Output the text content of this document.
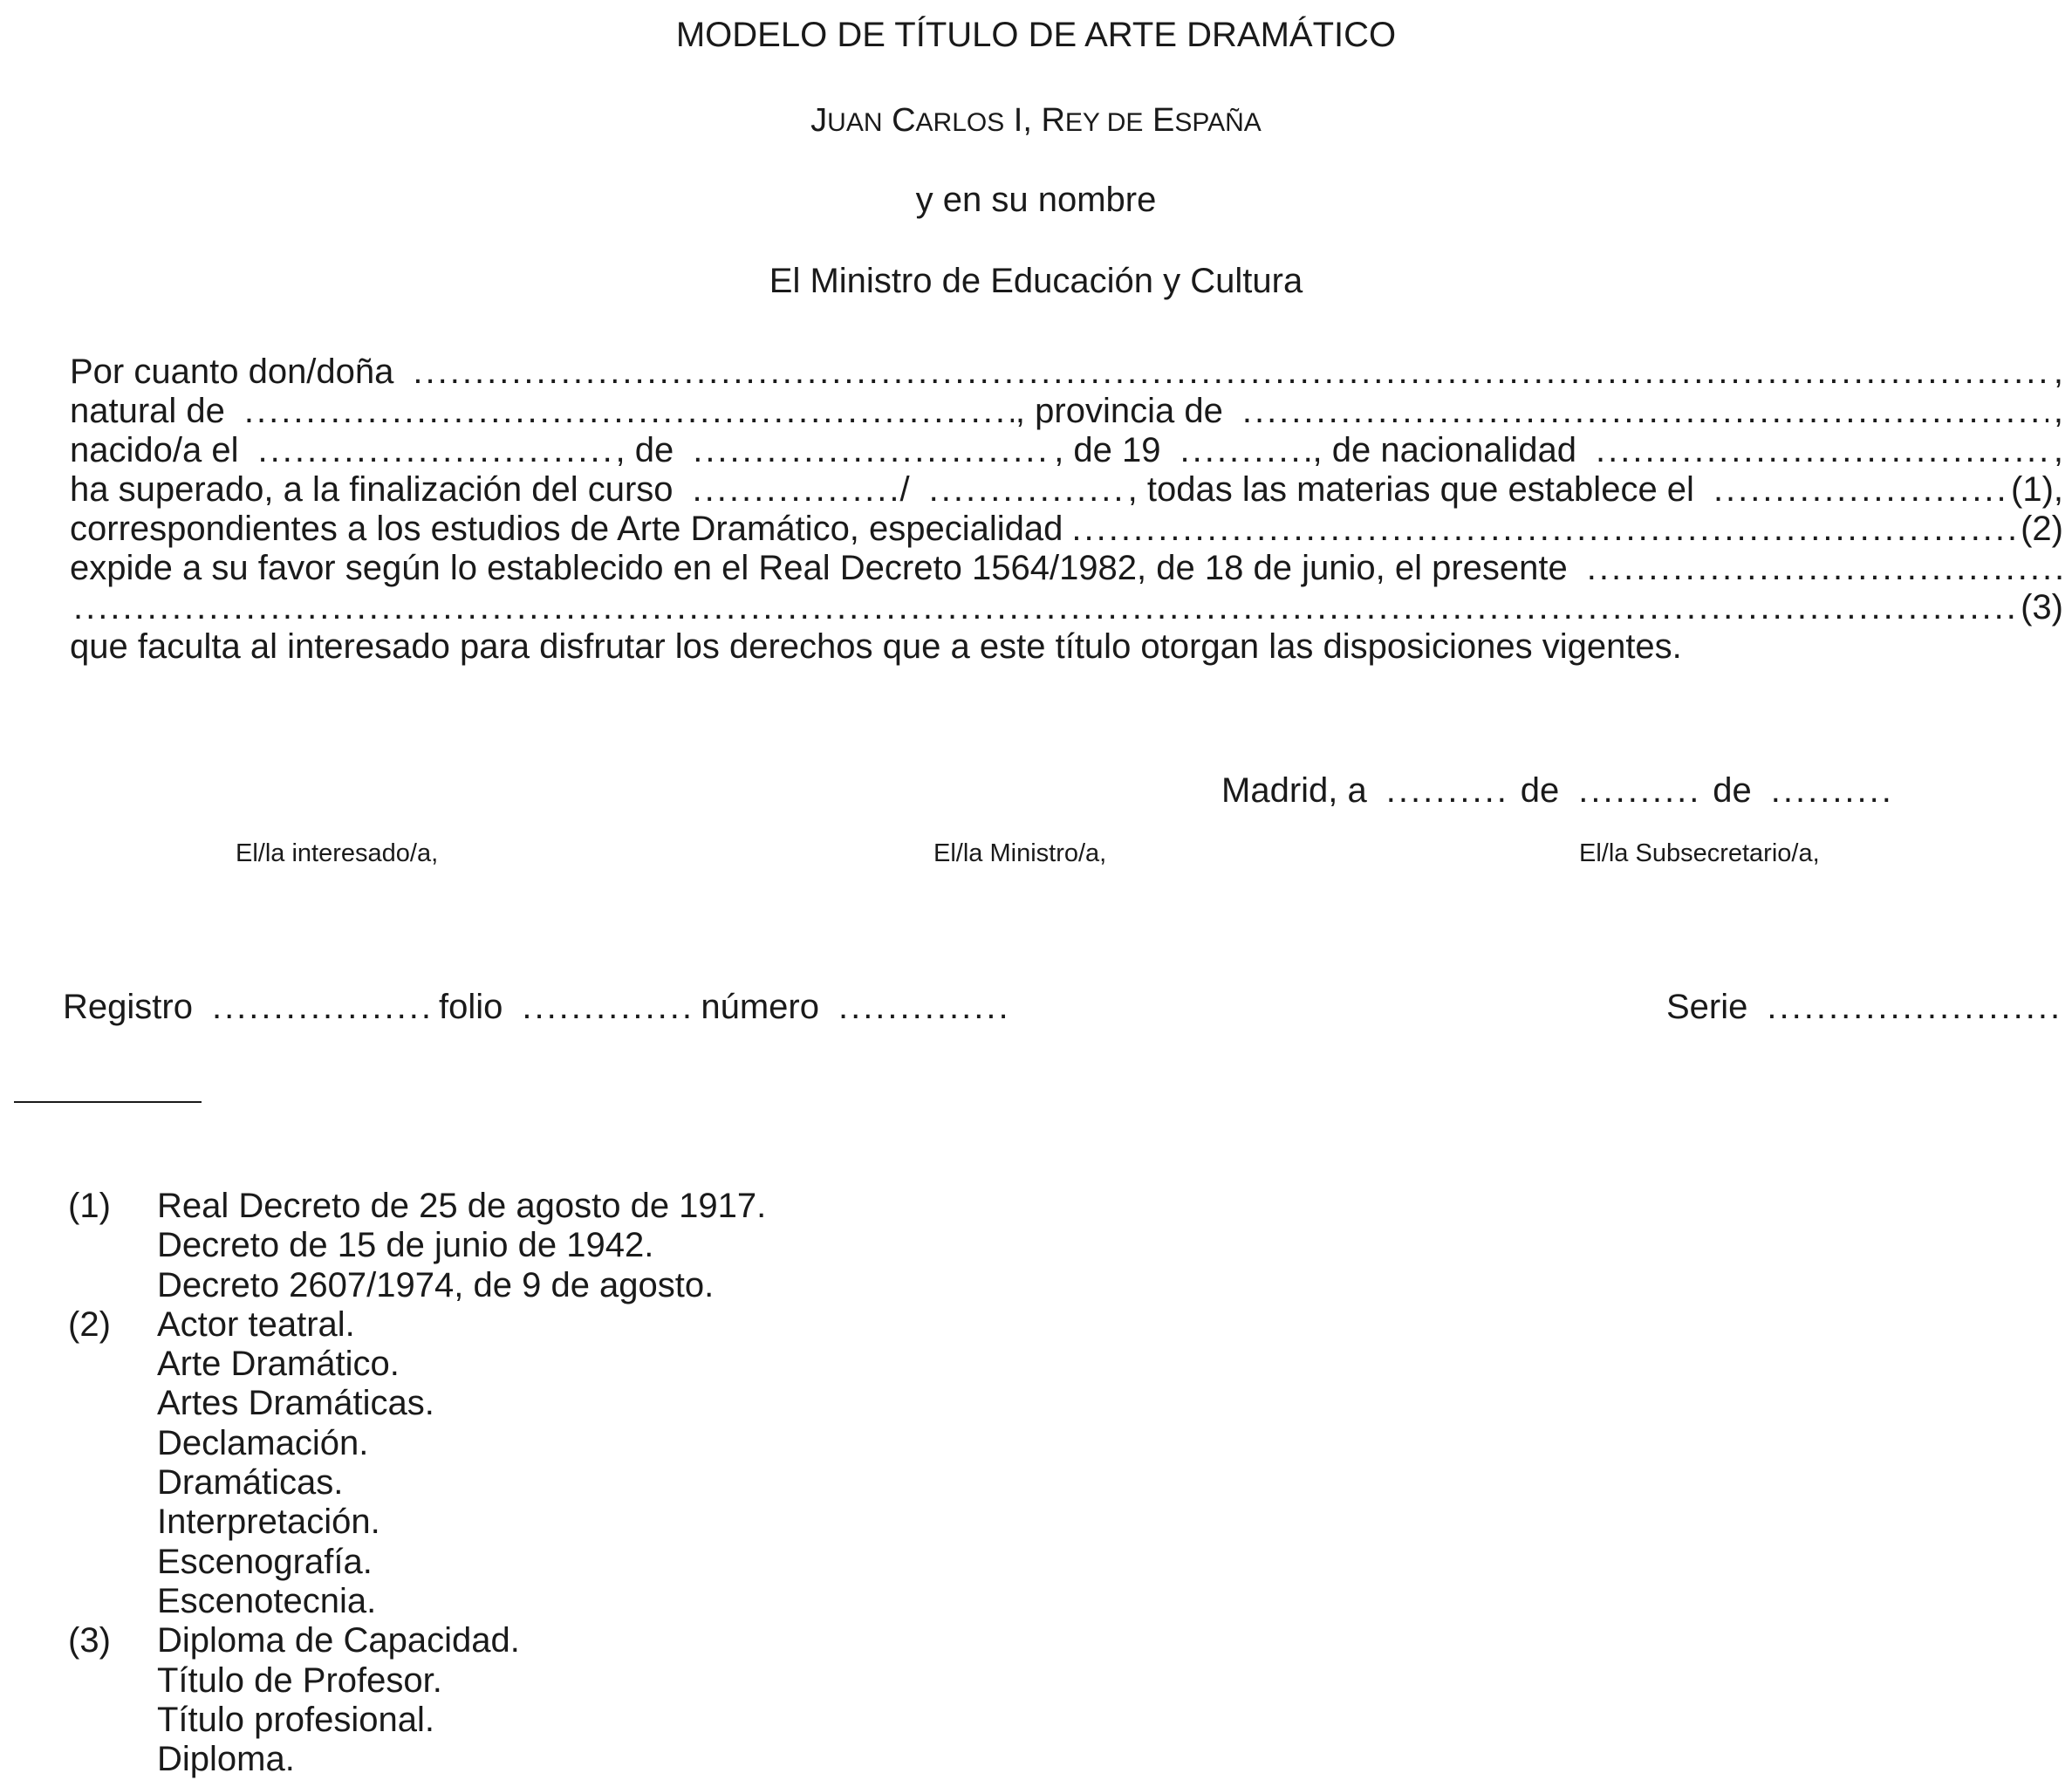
MODELO DE TÍTULO DE ARTE DRAMÁTICO
JUAN CARLOS I, REY DE ESPAÑA
y en su nombre
El Ministro de Educación y Cultura
Por cuanto don/doña .....	,
natural de .....	, provincia de .....	,
nacido/a el .....	, de .....	, de 19 .....	, de nacionalidad .....	,
ha superado, a la finalización del curso .....	/ .....	, todas las materias que establece el .....	(1),
correspondientes a los estudios de Arte Dramático, especialidad .....	(2)
expide a su favor según lo establecido en el Real Decreto 1564/1982, de 18 de junio, el presente
.....
.....
(3)
que faculta al interesado para disfrutar los derechos que a este título otorgan las disposiciones vigentes.
Madrid, a .....	de .....	de
.....
El/la interesado/a,	El/la Ministro/a,	El/la Subsecretario/a,
Registro .....	folio .....	número .....	Serie
.....
(1)	Real Decreto de 25 de agosto de 1917.
Decreto de 15 de junio de 1942.
Decreto 2607/1974, de 9 de agosto.
(2)	Actor teatral.
Arte Dramático.
Artes Dramáticas.
Declamación.
Dramáticas.
Interpretación.
Escenografía.
Escenotecnia.
(3)	Diploma de Capacidad.
Título de Profesor.
Título profesional.
Diploma.
